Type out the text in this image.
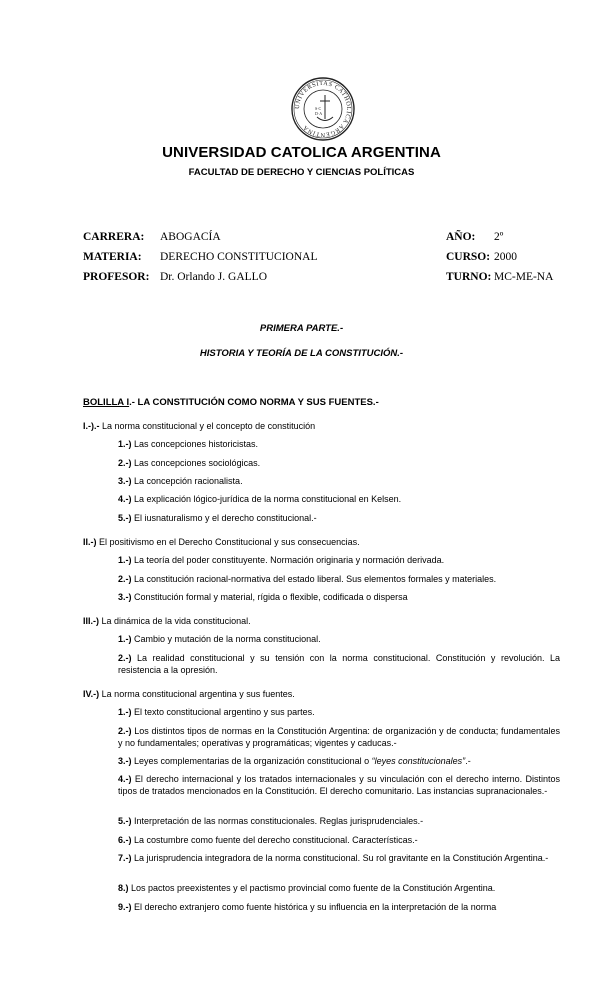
UNIVERSITAS CATHOLICA ARGENTINA
S·C
D·A
UNIVERSIDAD CATOLICA ARGENTINA
FACULTAD DE DERECHO Y CIENCIAS POLÍTICAS
CARRERA: ABOGACÍA
MATERIA: DERECHO CONSTITUCIONAL
PROFESOR: Dr. Orlando J. GALLO
AÑO: 2º
CURSO: 2000
TURNO: MC-ME-NA
PRIMERA PARTE.-
HISTORIA Y TEORÍA DE LA CONSTITUCIÓN.-
BOLILLA I.- LA CONSTITUCIÓN COMO NORMA Y SUS FUENTES.-
I.-).- La norma constitucional y el concepto de constitución
1.-) Las concepciones historicistas.
2.-) Las concepciones sociológicas.
3.-) La concepción racionalista.
4.-) La explicación lógico-jurídica de la norma constitucional en Kelsen.
5.-) El iusnaturalismo y el derecho constitucional.-
II.-) El positivismo en el Derecho Constitucional y sus consecuencias.
1.-) La teoría del poder constituyente. Normación originaria y normación derivada.
2.-) La constitución racional-normativa del estado liberal. Sus elementos formales y materiales.
3.-) Constitución formal y material, rígida o flexible, codificada o dispersa
III.-) La dinámica de la vida constitucional.
1.-) Cambio y mutación de la norma constitucional.
2.-) La realidad constitucional y su tensión con la norma constitucional. Constitución y revolución. La resistencia a la opresión.
IV.-) La norma constitucional argentina y sus fuentes.
1.-) El texto constitucional argentino y sus partes.
2.-) Los distintos tipos de normas en la Constitución Argentina: de organización y de conducta; fundamentales y no fundamentales; operativas y programáticas; vigentes y caducas.-
3.-) Leyes complementarias de la organización constitucional o “leyes constitucionales”.-
4.-) El derecho internacional y los tratados internacionales y su vinculación con el derecho interno. Distintos tipos de tratados mencionados en la Constitución. El derecho comunitario. Las instancias supranacionales.-
5.-) Interpretación de las normas constitucionales. Reglas jurisprudenciales.-
6.-) La costumbre como fuente del derecho constitucional. Características.-
7.-) La jurisprudencia integradora de la norma constitucional. Su rol gravitante en la Constitución Argentina.-
8.) Los pactos preexistentes y el pactismo provincial como fuente de la Constitución Argentina.
9.-) El derecho extranjero como fuente histórica y su influencia en la interpretación de la norma
